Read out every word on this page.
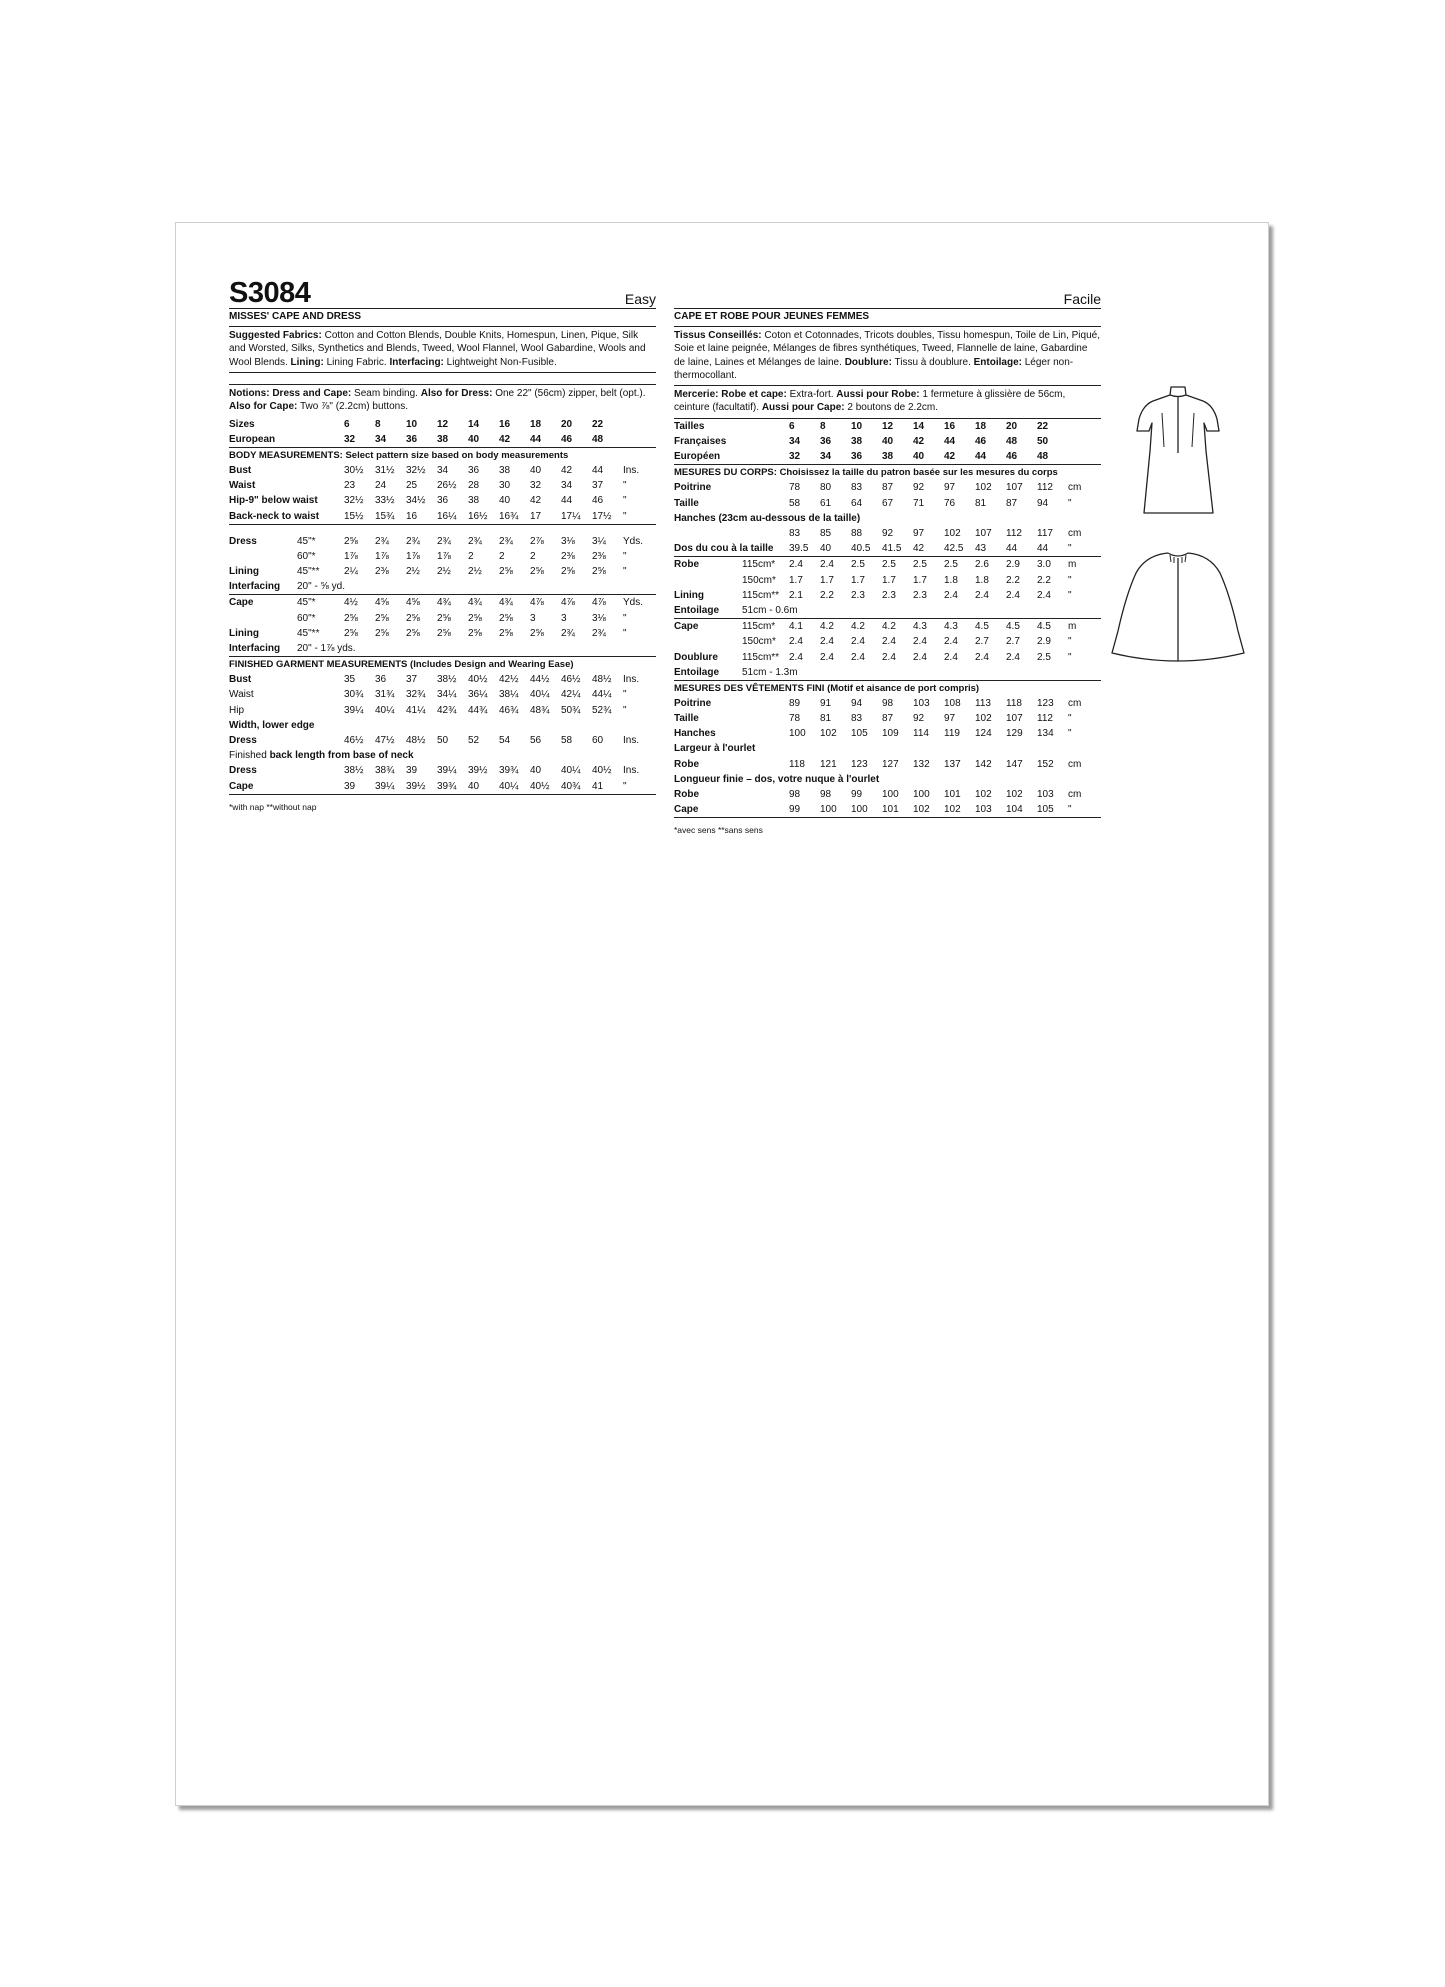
S3084	Easy
MISSES' CAPE AND DRESS
Suggested Fabrics: Cotton and Cotton Blends, Double Knits, Homespun, Linen, Pique, Silk and Worsted, Silks, Synthetics and Blends, Tweed, Wool Flannel, Wool Gabardine, Wools and Wool Blends. Lining: Lining Fabric. Interfacing: Lightweight Non-Fusible.
Notions: Dress and Cape: Seam binding. Also for Dress: One 22" (56cm) zipper, belt (opt.). Also for Cape: Two ⅞" (2.2cm) buttons.
Sizes		6	8	10	12	14	16	18	20	22	
European		32	34	36	38	40	42	44	46	48	
BODY MEASUREMENTS: Select pattern size based on body measurements											
Bust		30½	31½	32½	34	36	38	40	42	44	Ins.
Waist		23	24	25	26½	28	30	32	34	37	"
Hip-9" below waist		32½	33½	34½	36	38	40	42	44	46	"
Back-neck to waist		15½	15¾	16	16¼	16½	16¾	17	17¼	17½	"

Dress	45"*	2⅝	2¾	2¾	2¾	2¾	2¾	2⅞	3⅛	3¼	Yds.
	60"*	1⅞	1⅞	1⅞	1⅞	2	2	2	2⅜	2⅜	"
Lining	45"**	2¼	2⅜	2½	2½	2½	2⅝	2⅝	2⅝	2⅝	"
Interfacing	20" - ⅝ yd.										
Cape	45"*	4½	4⅝	4⅝	4¾	4¾	4¾	4⅞	4⅞	4⅞	Yds.
	60"*	2⅝	2⅝	2⅝	2⅝	2⅝	2⅝	3	3	3⅛	"
Lining	45"**	2⅝	2⅝	2⅝	2⅝	2⅝	2⅝	2⅝	2¾	2¾	"
Interfacing	20" - 1⅞ yds.										
FINISHED GARMENT MEASUREMENTS (Includes Design and Wearing Ease)											
Bust		35	36	37	38½	40½	42½	44½	46½	48½	Ins.
Waist		30¾	31¾	32¾	34¼	36¼	38¼	40¼	42¼	44¼	"
Hip		39¼	40¼	41¼	42¾	44¾	46¾	48¾	50¾	52¾	"
Width, lower edge											
Dress		46½	47½	48½	50	52	54	56	58	60	Ins.
Finished back length from base of neck											
Dress		38½	38¾	39	39¼	39½	39¾	40	40¼	40½	Ins.
Cape		39	39¼	39½	39¾	40	40¼	40½	40¾	41	"
*with nap **without nap
Facile
CAPE ET ROBE POUR JEUNES FEMMES
Tissus Conseillés: Coton et Cotonnades, Tricots doubles, Tissu homespun, Toile de Lin, Piqué, Soie et laine peignée, Mélanges de fibres synthétiques, Tweed, Flannelle de laine, Gabardine de laine, Laines et Mélanges de laine. Doublure: Tissu à doublure. Entoilage: Léger non-thermocollant.
Mercerie: Robe et cape: Extra-fort. Aussi pour Robe: 1 fermeture à glissière de 56cm, ceinture (facultatif). Aussi pour Cape: 2 boutons de 2.2cm.
Tailles		6	8	10	12	14	16	18	20	22	
Françaises		34	36	38	40	42	44	46	48	50	
Européen		32	34	36	38	40	42	44	46	48	
MESURES DU CORPS: Choisissez la taille du patron basée sur les mesures du corps											
Poitrine		78	80	83	87	92	97	102	107	112	cm
Taille		58	61	64	67	71	76	81	87	94	"
Hanches (23cm au-dessous de la taille)											
		83	85	88	92	97	102	107	112	117	cm
Dos du cou à la taille		39.5	40	40.5	41.5	42	42.5	43	44	44	"
Robe	115cm*	2.4	2.4	2.5	2.5	2.5	2.5	2.6	2.9	3.0	m
	150cm*	1.7	1.7	1.7	1.7	1.7	1.8	1.8	2.2	2.2	"
Lining	115cm**	2.1	2.2	2.3	2.3	2.3	2.4	2.4	2.4	2.4	"
Entoilage	51cm - 0.6m										
Cape	115cm*	4.1	4.2	4.2	4.2	4.3	4.3	4.5	4.5	4.5	m
	150cm*	2.4	2.4	2.4	2.4	2.4	2.4	2.7	2.7	2.9	"
Doublure	115cm**	2.4	2.4	2.4	2.4	2.4	2.4	2.4	2.4	2.5	"
Entoilage	51cm - 1.3m										
MESURES DES VÊTEMENTS FINI (Motif et aisance de port compris)											
Poitrine		89	91	94	98	103	108	113	118	123	cm
Taille		78	81	83	87	92	97	102	107	112	"
Hanches		100	102	105	109	114	119	124	129	134	"
Largeur à l'ourlet											
Robe		118	121	123	127	132	137	142	147	152	cm
Longueur finie – dos, votre nuque à l'ourlet											
Robe		98	98	99	100	100	101	102	102	103	cm
Cape		99	100	100	101	102	102	103	104	105	"
*avec sens **sans sens
